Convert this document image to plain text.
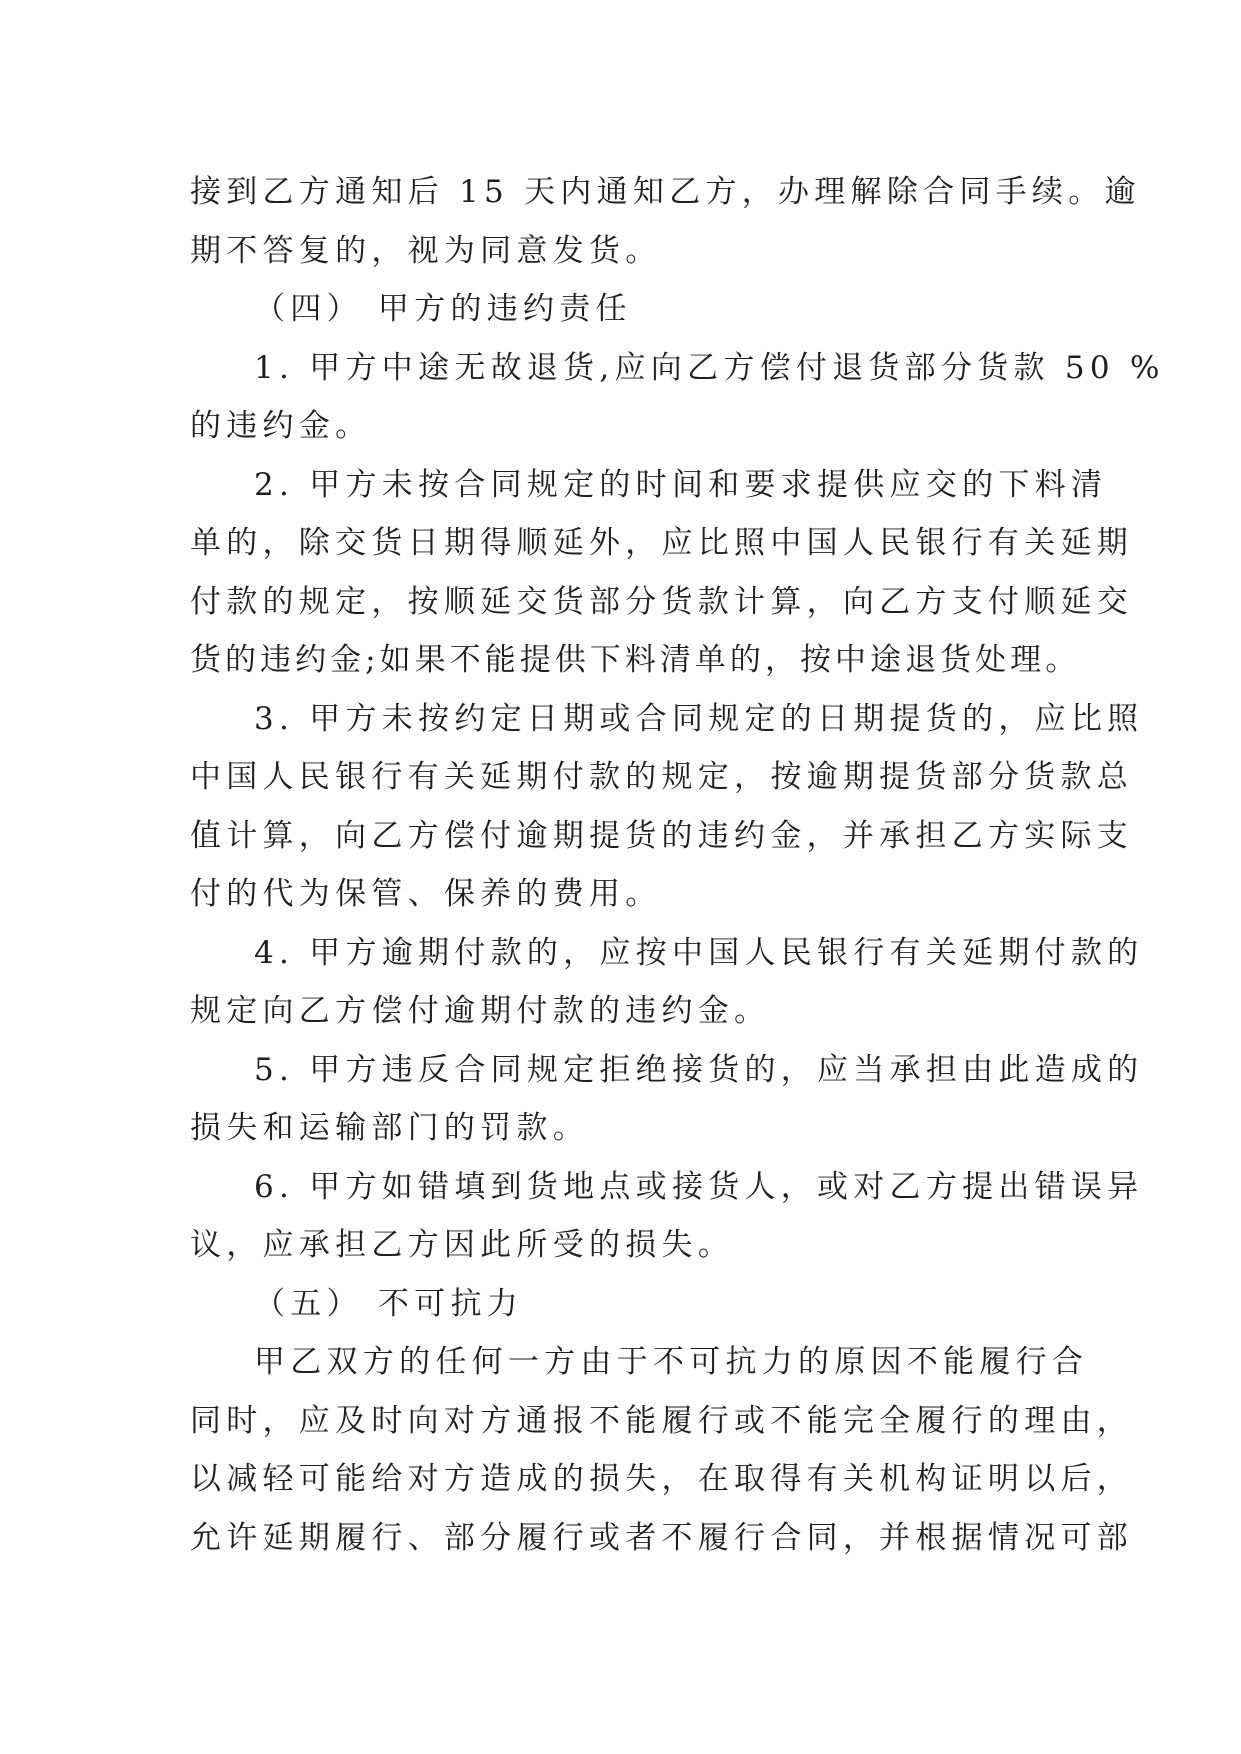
接到乙方通知后 15 天内通知乙方，办理解除合同手续。逾
期不答复的，视为同意发货。
（四） 甲方的违约责任
1. 甲方中途无故退货,应向乙方偿付退货部分货款 50 %
的违约金。
2. 甲方未按合同规定的时间和要求提供应交的下料清
单的，除交货日期得顺延外，应比照中国人民银行有关延期
付款的规定，按顺延交货部分货款计算，向乙方支付顺延交
货的违约金;如果不能提供下料清单的，按中途退货处理。
3. 甲方未按约定日期或合同规定的日期提货的，应比照
中国人民银行有关延期付款的规定，按逾期提货部分货款总
值计算，向乙方偿付逾期提货的违约金，并承担乙方实际支
付的代为保管、保养的费用。
4. 甲方逾期付款的，应按中国人民银行有关延期付款的
规定向乙方偿付逾期付款的违约金。
5. 甲方违反合同规定拒绝接货的，应当承担由此造成的
损失和运输部门的罚款。
6. 甲方如错填到货地点或接货人，或对乙方提出错误异
议，应承担乙方因此所受的损失。
（五） 不可抗力
甲乙双方的任何一方由于不可抗力的原因不能履行合
同时，应及时向对方通报不能履行或不能完全履行的理由，
以减轻可能给对方造成的损失，在取得有关机构证明以后，
允许延期履行、部分履行或者不履行合同，并根据情况可部
